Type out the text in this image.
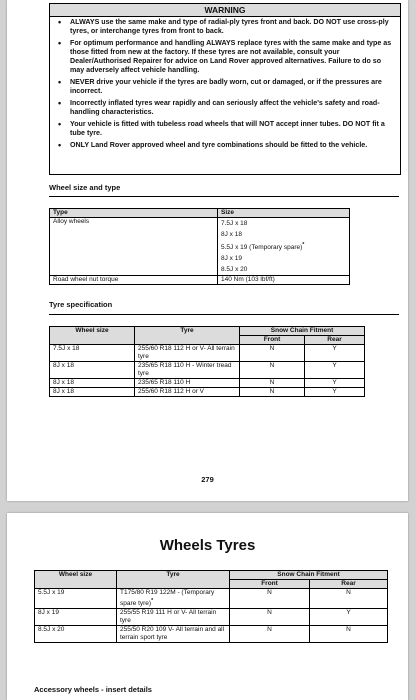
WARNING
• ALWAYS use the same make and type of radial-ply tyres front and back. DO NOT use cross-ply tyres, or interchange tyres from front to back.
• For optimum performance and handling ALWAYS replace tyres with the same make and type as those fitted from new at the factory. If these tyres are not available, consult your Dealer/Authorised Repairer for advice on Land Rover approved alternatives. Failure to do so may adversely affect vehicle handling.
• NEVER drive your vehicle if the tyres are badly worn, cut or damaged, or if the pressures are incorrect.
• Incorrectly inflated tyres wear rapidly and can seriously affect the vehicle's safety and road-handling characteristics.
• Your vehicle is fitted with tubeless road wheels that will NOT accept inner tubes. DO NOT fit a tube tyre.
• ONLY Land Rover approved wheel and tyre combinations should be fitted to the vehicle.
Wheel size and type
Type	Size
Alloy wheels	7.5J x 18
8J x 18
5.5J x 19 (Temporary spare)*
8J x 19
8.5J x 20

Road wheel nut torque	140 Nm (103 lbf/ft)
Tyre specification
Wheel size	Tyre	Snow Chain Fitment	
		Front	Rear
7.5J x 18	255/60 R18 112 H or V- All terrain tyre	N	Y
8J x 18	235/65 R18 110 H - Winter tread tyre	N	Y
8J x 18	235/65 R18 110 H	N	Y
8J x 18	255/60 R18 112 H or V	N	Y
279
Wheels Tyres
Wheel size	Tyre	Snow Chain Fitment	
		Front	Rear
5.5J x 19	T175/80 R19 122M - (Temporary spare tyre)*	N	N
8J x 19	255/55 R19 111 H or V- All terrain tyre	N	Y
8.5J x 20	255/50 R20 109 V- All terrain and all terrain sport tyre	N	N
Accessory wheels - insert details
